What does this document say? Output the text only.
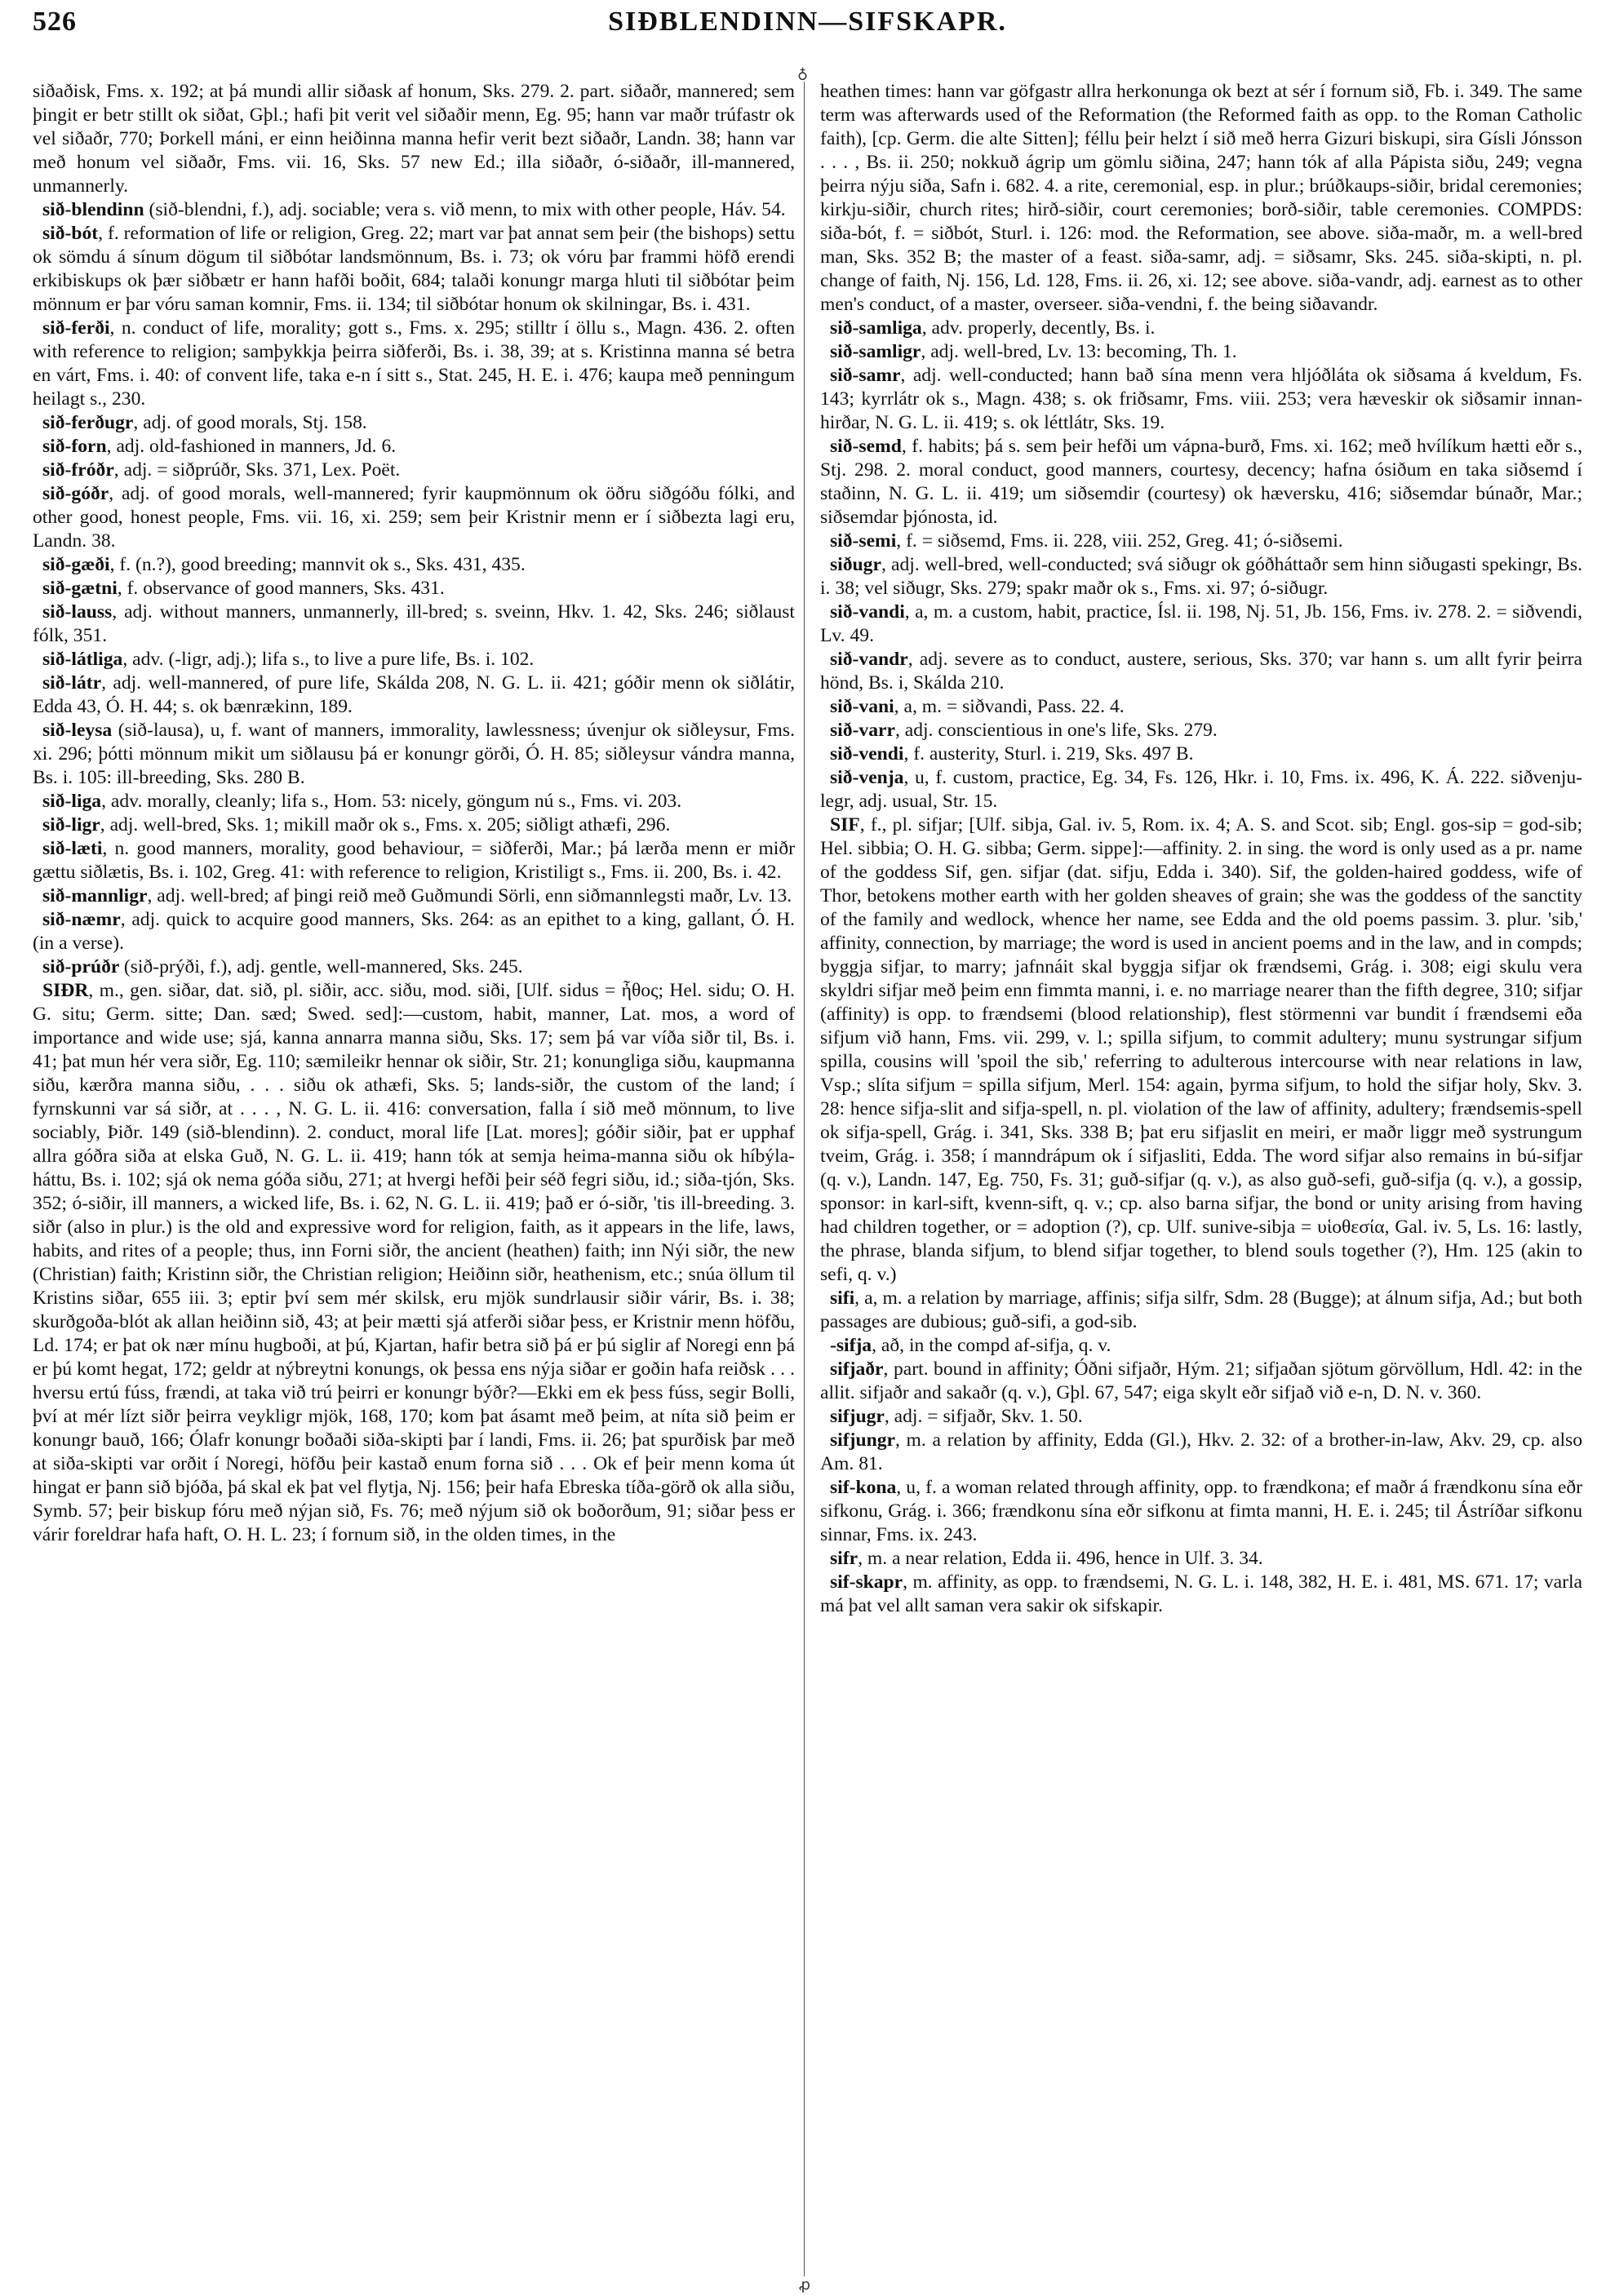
526	SIÐBLENDINN—SIFSKAPR.
♁
ꝓ

siðaðisk, Fms. x. 192; at þá mundi allir siðask af honum, Sks. 279. 2. part. siðaðr, mannered; sem þingit er betr stillt ok siðat, Gþl.; hafi þit verit vel siðaðir menn, Eg. 95; hann var maðr trúfastr ok vel siðaðr, 770; Þorkell máni, er einn heiðinna manna hefir verit bezt siðaðr, Landn. 38; hann var með honum vel siðaðr, Fms. vii. 16, Sks. 57 new Ed.; illa siðaðr, ó-siðaðr, ill-mannered, unmannerly.

sið-blendinn (sið-blendni, f.), adj. sociable; vera s. við menn, to mix with other people, Háv. 54.

sið-bót, f. reformation of life or religion, Greg. 22; mart var þat annat sem þeir (the bishops) settu ok sömdu á sínum dögum til siðbótar landsmönnum, Bs. i. 73; ok vóru þar frammi höfð erendi erkibiskups ok þær siðbætr er hann hafði boðit, 684; talaði konungr marga hluti til siðbótar þeim mönnum er þar vóru saman komnir, Fms. ii. 134; til siðbótar honum ok skilningar, Bs. i. 431.

sið-ferði, n. conduct of life, morality; gott s., Fms. x. 295; stilltr í öllu s., Magn. 436. 2. often with reference to religion; samþykkja þeirra siðferði, Bs. i. 38, 39; at s. Kristinna manna sé betra en várt, Fms. i. 40: of convent life, taka e-n í sitt s., Stat. 245, H. E. i. 476; kaupa með penningum heilagt s., 230.

sið-ferðugr, adj. of good morals, Stj. 158.

sið-forn, adj. old-fashioned in manners, Jd. 6.

sið-fróðr, adj. = siðprúðr, Sks. 371, Lex. Poët.

sið-góðr, adj. of good morals, well-mannered; fyrir kaupmönnum ok öðru siðgóðu fólki, and other good, honest people, Fms. vii. 16, xi. 259; sem þeir Kristnir menn er í siðbezta lagi eru, Landn. 38.

sið-gæði, f. (n.?), good breeding; mannvit ok s., Sks. 431, 435.

sið-gætni, f. observance of good manners, Sks. 431.

sið-lauss, adj. without manners, unmannerly, ill-bred; s. sveinn, Hkv. 1. 42, Sks. 246; siðlaust fólk, 351.

sið-látliga, adv. (-ligr, adj.); lifa s., to live a pure life, Bs. i. 102.

sið-látr, adj. well-mannered, of pure life, Skálda 208, N. G. L. ii. 421; góðir menn ok siðlátir, Edda 43, Ó. H. 44; s. ok bænrækinn, 189.

sið-leysa (sið-lausa), u, f. want of manners, immorality, lawlessness; úvenjur ok siðleysur, Fms. xi. 296; þótti mönnum mikit um siðlausu þá er konungr görði, Ó. H. 85; siðleysur vándra manna, Bs. i. 105: ill-breeding, Sks. 280 B.

sið-liga, adv. morally, cleanly; lifa s., Hom. 53: nicely, göngum nú s., Fms. vi. 203.

sið-ligr, adj. well-bred, Sks. 1; mikill maðr ok s., Fms. x. 205; siðligt athæfi, 296.

sið-læti, n. good manners, morality, good behaviour, = siðferði, Mar.; þá lærða menn er miðr gættu siðlætis, Bs. i. 102, Greg. 41: with reference to religion, Kristiligt s., Fms. ii. 200, Bs. i. 42.

sið-mannligr, adj. well-bred; af þingi reið með Guðmundi Sörli, enn siðmannlegsti maðr, Lv. 13.

sið-næmr, adj. quick to acquire good manners, Sks. 264: as an epithet to a king, gallant, Ó. H. (in a verse).

sið-prúðr (sið-prýði, f.), adj. gentle, well-mannered, Sks. 245.

SIÐR, m., gen. siðar, dat. sið, pl. siðir, acc. siðu, mod. siði, [Ulf. sidus = ἦθος; Hel. sidu; O. H. G. situ; Germ. sitte; Dan. sæd; Swed. sed]:—custom, habit, manner, Lat. mos, a word of importance and wide use; sjá, kanna annarra manna siðu, Sks. 17; sem þá var víða siðr til, Bs. i. 41; þat mun hér vera siðr, Eg. 110; sæmileikr hennar ok siðir, Str. 21; konungliga siðu, kaupmanna siðu, kærðra manna siðu, . . . siðu ok athæfi, Sks. 5; lands-siðr, the custom of the land; í fyrnskunni var sá siðr, at . . . , N. G. L. ii. 416: conversation, falla í sið með mönnum, to live sociably, Þiðr. 149 (sið-blendinn). 2. conduct, moral life [Lat. mores]; góðir siðir, þat er upphaf allra góðra siða at elska Guð, N. G. L. ii. 419; hann tók at semja heima-manna siðu ok híbýla-háttu, Bs. i. 102; sjá ok nema góða siðu, 271; at hvergi hefði þeir séð fegri siðu, id.; siða-tjón, Sks. 352; ó-siðir, ill manners, a wicked life, Bs. i. 62, N. G. L. ii. 419; það er ó-siðr, 'tis ill-breeding. 3. siðr (also in plur.) is the old and expressive word for religion, faith, as it appears in the life, laws, habits, and rites of a people; thus, inn Forni siðr, the ancient (heathen) faith; inn Nýi siðr, the new (Christian) faith; Kristinn siðr, the Christian religion; Heiðinn siðr, heathenism, etc.; snúa öllum til Kristins siðar, 655 iii. 3; eptir því sem mér skilsk, eru mjök sundrlausir siðir várir, Bs. i. 38; skurðgoða-blót ak allan heiðinn sið, 43; at þeir mætti sjá atferði siðar þess, er Kristnir menn höfðu, Ld. 174; er þat ok nær mínu hugboði, at þú, Kjartan, hafir betra sið þá er þú siglir af Noregi enn þá er þú komt hegat, 172; geldr at nýbreytni konungs, ok þessa ens nýja siðar er goðin hafa reiðsk . . . hversu ertú fúss, frændi, at taka við trú þeirri er konungr býðr?—Ekki em ek þess fúss, segir Bolli, því at mér lízt siðr þeirra veykligr mjök, 168, 170; kom þat ásamt með þeim, at níta sið þeim er konungr bauð, 166; Ólafr konungr boðaði siða-skipti þar í landi, Fms. ii. 26; þat spurðisk þar með at siða-skipti var orðit í Noregi, höfðu þeir kastað enum forna sið . . . Ok ef þeir menn koma út hingat er þann sið bjóða, þá skal ek þat vel flytja, Nj. 156; þeir hafa Ebreska tíða-görð ok alla siðu, Symb. 57; þeir biskup fóru með nýjan sið, Fs. 76; með nýjum sið ok boðorðum, 91; siðar þess er várir foreldrar hafa haft, O. H. L. 23; í fornum sið, in the olden times, in the

heathen times: hann var göfgastr allra herkonunga ok bezt at sér í fornum sið, Fb. i. 349. The same term was afterwards used of the Reformation (the Reformed faith as opp. to the Roman Catholic faith), [cp. Germ. die alte Sitten]; féllu þeir helzt í sið með herra Gizuri biskupi, sira Gísli Jónsson . . . , Bs. ii. 250; nokkuð ágrip um gömlu siðina, 247; hann tók af alla Pápista siðu, 249; vegna þeirra nýju siða, Safn i. 682. 4. a rite, ceremonial, esp. in plur.; brúðkaups-siðir, bridal ceremonies; kirkju-siðir, church rites; hirð-siðir, court ceremonies; borð-siðir, table ceremonies. COMPDS: siða-bót, f. = siðbót, Sturl. i. 126: mod. the Reformation, see above. siða-maðr, m. a well-bred man, Sks. 352 B; the master of a feast. siða-samr, adj. = siðsamr, Sks. 245. siða-skipti, n. pl. change of faith, Nj. 156, Ld. 128, Fms. ii. 26, xi. 12; see above. siða-vandr, adj. earnest as to other men's conduct, of a master, overseer. siða-vendni, f. the being siðavandr.

sið-samliga, adv. properly, decently, Bs. i.

sið-samligr, adj. well-bred, Lv. 13: becoming, Th. 1.

sið-samr, adj. well-conducted; hann bað sína menn vera hljóðláta ok siðsama á kveldum, Fs. 143; kyrrlátr ok s., Magn. 438; s. ok friðsamr, Fms. viii. 253; vera hæveskir ok siðsamir innan-hirðar, N. G. L. ii. 419; s. ok léttlátr, Sks. 19.

sið-semd, f. habits; þá s. sem þeir hefði um vápna-burð, Fms. xi. 162; með hvílíkum hætti eðr s., Stj. 298. 2. moral conduct, good manners, courtesy, decency; hafna ósiðum en taka siðsemd í staðinn, N. G. L. ii. 419; um siðsemdir (courtesy) ok hæversku, 416; siðsemdar búnaðr, Mar.; siðsemdar þjónosta, id.

sið-semi, f. = siðsemd, Fms. ii. 228, viii. 252, Greg. 41; ó-siðsemi.

siðugr, adj. well-bred, well-conducted; svá siðugr ok góðháttaðr sem hinn siðugasti spekingr, Bs. i. 38; vel siðugr, Sks. 279; spakr maðr ok s., Fms. xi. 97; ó-siðugr.

sið-vandi, a, m. a custom, habit, practice, Ísl. ii. 198, Nj. 51, Jb. 156, Fms. iv. 278. 2. = siðvendi, Lv. 49.

sið-vandr, adj. severe as to conduct, austere, serious, Sks. 370; var hann s. um allt fyrir þeirra hönd, Bs. i, Skálda 210.

sið-vani, a, m. = siðvandi, Pass. 22. 4.

sið-varr, adj. conscientious in one's life, Sks. 279.

sið-vendi, f. austerity, Sturl. i. 219, Sks. 497 B.

sið-venja, u, f. custom, practice, Eg. 34, Fs. 126, Hkr. i. 10, Fms. ix. 496, K. Á. 222. siðvenju-legr, adj. usual, Str. 15.

SIF, f., pl. sifjar; [Ulf. sibja, Gal. iv. 5, Rom. ix. 4; A. S. and Scot. sib; Engl. gos-sip = god-sib; Hel. sibbia; O. H. G. sibba; Germ. sippe]:—affinity. 2. in sing. the word is only used as a pr. name of the goddess Sif, gen. sifjar (dat. sifju, Edda i. 340). Sif, the golden-haired goddess, wife of Thor, betokens mother earth with her golden sheaves of grain; she was the goddess of the sanctity of the family and wedlock, whence her name, see Edda and the old poems passim. 3. plur. 'sib,' affinity, connection, by marriage; the word is used in ancient poems and in the law, and in compds; byggja sifjar, to marry; jafnnáit skal byggja sifjar ok frændsemi, Grág. i. 308; eigi skulu vera skyldri sifjar með þeim enn fimmta manni, i. e. no marriage nearer than the fifth degree, 310; sifjar (affinity) is opp. to frændsemi (blood relationship), flest störmenni var bundit í frændsemi eða sifjum við hann, Fms. vii. 299, v. l.; spilla sifjum, to commit adultery; munu systrungar sifjum spilla, cousins will 'spoil the sib,' referring to adulterous intercourse with near relations in law, Vsp.; slíta sifjum = spilla sifjum, Merl. 154: again, þyrma sifjum, to hold the sifjar holy, Skv. 3. 28: hence sifja-slit and sifja-spell, n. pl. violation of the law of affinity, adultery; frændsemis-spell ok sifja-spell, Grág. i. 341, Sks. 338 B; þat eru sifjaslit en meiri, er maðr liggr með systrungum tveim, Grág. i. 358; í manndrápum ok í sifjasliti, Edda. The word sifjar also remains in bú-sifjar (q. v.), Landn. 147, Eg. 750, Fs. 31; guð-sifjar (q. v.), as also guð-sefi, guð-sifja (q. v.), a gossip, sponsor: in karl-sift, kvenn-sift, q. v.; cp. also barna sifjar, the bond or unity arising from having had children together, or = adoption (?), cp. Ulf. sunive-sibja = υἱοθεσία, Gal. iv. 5, Ls. 16: lastly, the phrase, blanda sifjum, to blend sifjar together, to blend souls together (?), Hm. 125 (akin to sefi, q. v.)

sifi, a, m. a relation by marriage, affinis; sifja silfr, Sdm. 28 (Bugge); at álnum sifja, Ad.; but both passages are dubious; guð-sifi, a god-sib.

-sifja, að, in the compd af-sifja, q. v.

sifjaðr, part. bound in affinity; Óðni sifjaðr, Hým. 21; sifjaðan sjötum görvöllum, Hdl. 42: in the allit. sifjaðr and sakaðr (q. v.), Gþl. 67, 547; eiga skylt eðr sifjað við e-n, D. N. v. 360.

sifjugr, adj. = sifjaðr, Skv. 1. 50.

sifjungr, m. a relation by affinity, Edda (Gl.), Hkv. 2. 32: of a brother-in-law, Akv. 29, cp. also Am. 81.

sif-kona, u, f. a woman related through affinity, opp. to frændkona; ef maðr á frændkonu sína eðr sifkonu, Grág. i. 366; frændkonu sína eðr sifkonu at fimta manni, H. E. i. 245; til Ástríðar sifkonu sinnar, Fms. ix. 243.

sifr, m. a near relation, Edda ii. 496, hence in Ulf. 3. 34.

sif-skapr, m. affinity, as opp. to frændsemi, N. G. L. i. 148, 382, H. E. i. 481, MS. 671. 17; varla má þat vel allt saman vera sakir ok sifskapir.
